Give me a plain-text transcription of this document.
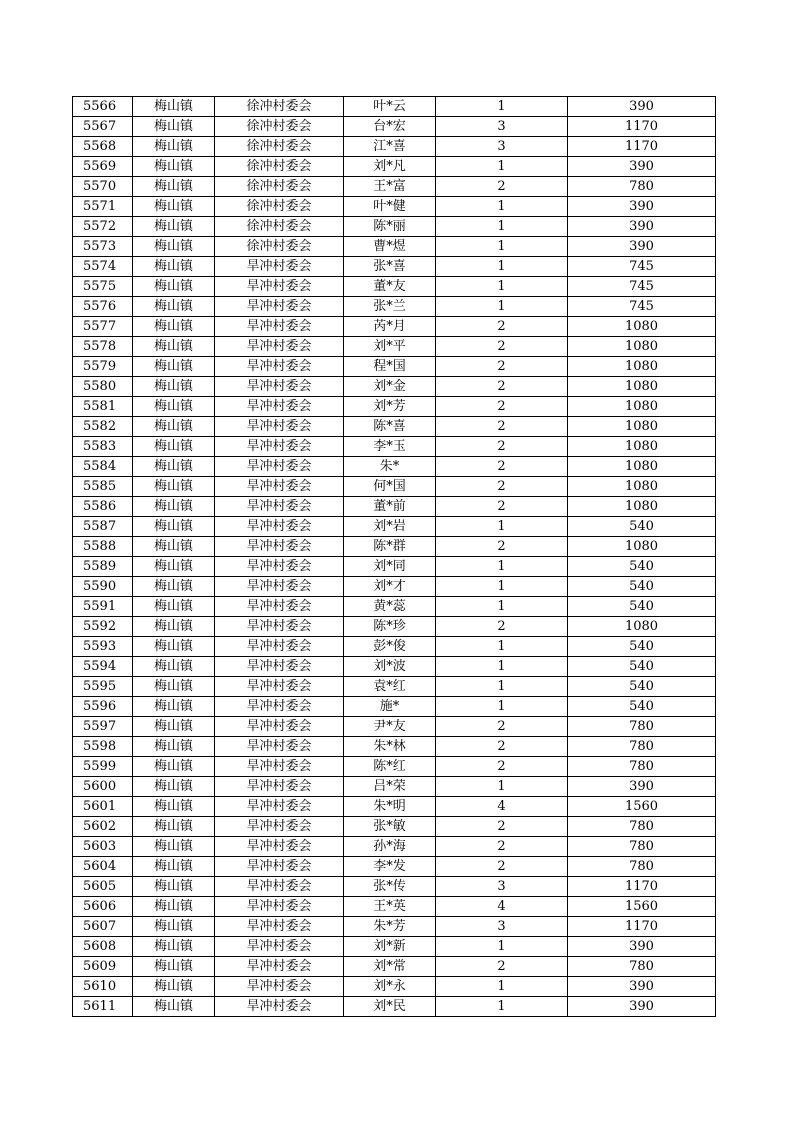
5566	梅山镇	徐冲村委会	叶*云	1	390
5567	梅山镇	徐冲村委会	台*宏	3	1170
5568	梅山镇	徐冲村委会	江*喜	3	1170
5569	梅山镇	徐冲村委会	刘*凡	1	390
5570	梅山镇	徐冲村委会	王*富	2	780
5571	梅山镇	徐冲村委会	叶*健	1	390
5572	梅山镇	徐冲村委会	陈*丽	1	390
5573	梅山镇	徐冲村委会	曹*煜	1	390
5574	梅山镇	旱冲村委会	张*喜	1	745
5575	梅山镇	旱冲村委会	董*友	1	745
5576	梅山镇	旱冲村委会	张*兰	1	745
5577	梅山镇	旱冲村委会	芮*月	2	1080
5578	梅山镇	旱冲村委会	刘*平	2	1080
5579	梅山镇	旱冲村委会	程*国	2	1080
5580	梅山镇	旱冲村委会	刘*金	2	1080
5581	梅山镇	旱冲村委会	刘*芳	2	1080
5582	梅山镇	旱冲村委会	陈*喜	2	1080
5583	梅山镇	旱冲村委会	李*玉	2	1080
5584	梅山镇	旱冲村委会	朱*	2	1080
5585	梅山镇	旱冲村委会	何*国	2	1080
5586	梅山镇	旱冲村委会	董*前	2	1080
5587	梅山镇	旱冲村委会	刘*岩	1	540
5588	梅山镇	旱冲村委会	陈*群	2	1080
5589	梅山镇	旱冲村委会	刘*同	1	540
5590	梅山镇	旱冲村委会	刘*才	1	540
5591	梅山镇	旱冲村委会	黄*蕊	1	540
5592	梅山镇	旱冲村委会	陈*珍	2	1080
5593	梅山镇	旱冲村委会	彭*俊	1	540
5594	梅山镇	旱冲村委会	刘*波	1	540
5595	梅山镇	旱冲村委会	袁*红	1	540
5596	梅山镇	旱冲村委会	施*	1	540
5597	梅山镇	旱冲村委会	尹*友	2	780
5598	梅山镇	旱冲村委会	朱*林	2	780
5599	梅山镇	旱冲村委会	陈*红	2	780
5600	梅山镇	旱冲村委会	吕*荣	1	390
5601	梅山镇	旱冲村委会	朱*明	4	1560
5602	梅山镇	旱冲村委会	张*敏	2	780
5603	梅山镇	旱冲村委会	孙*海	2	780
5604	梅山镇	旱冲村委会	李*发	2	780
5605	梅山镇	旱冲村委会	张*传	3	1170
5606	梅山镇	旱冲村委会	王*英	4	1560
5607	梅山镇	旱冲村委会	朱*芳	3	1170
5608	梅山镇	旱冲村委会	刘*新	1	390
5609	梅山镇	旱冲村委会	刘*常	2	780
5610	梅山镇	旱冲村委会	刘*永	1	390
5611	梅山镇	旱冲村委会	刘*民	1	390
